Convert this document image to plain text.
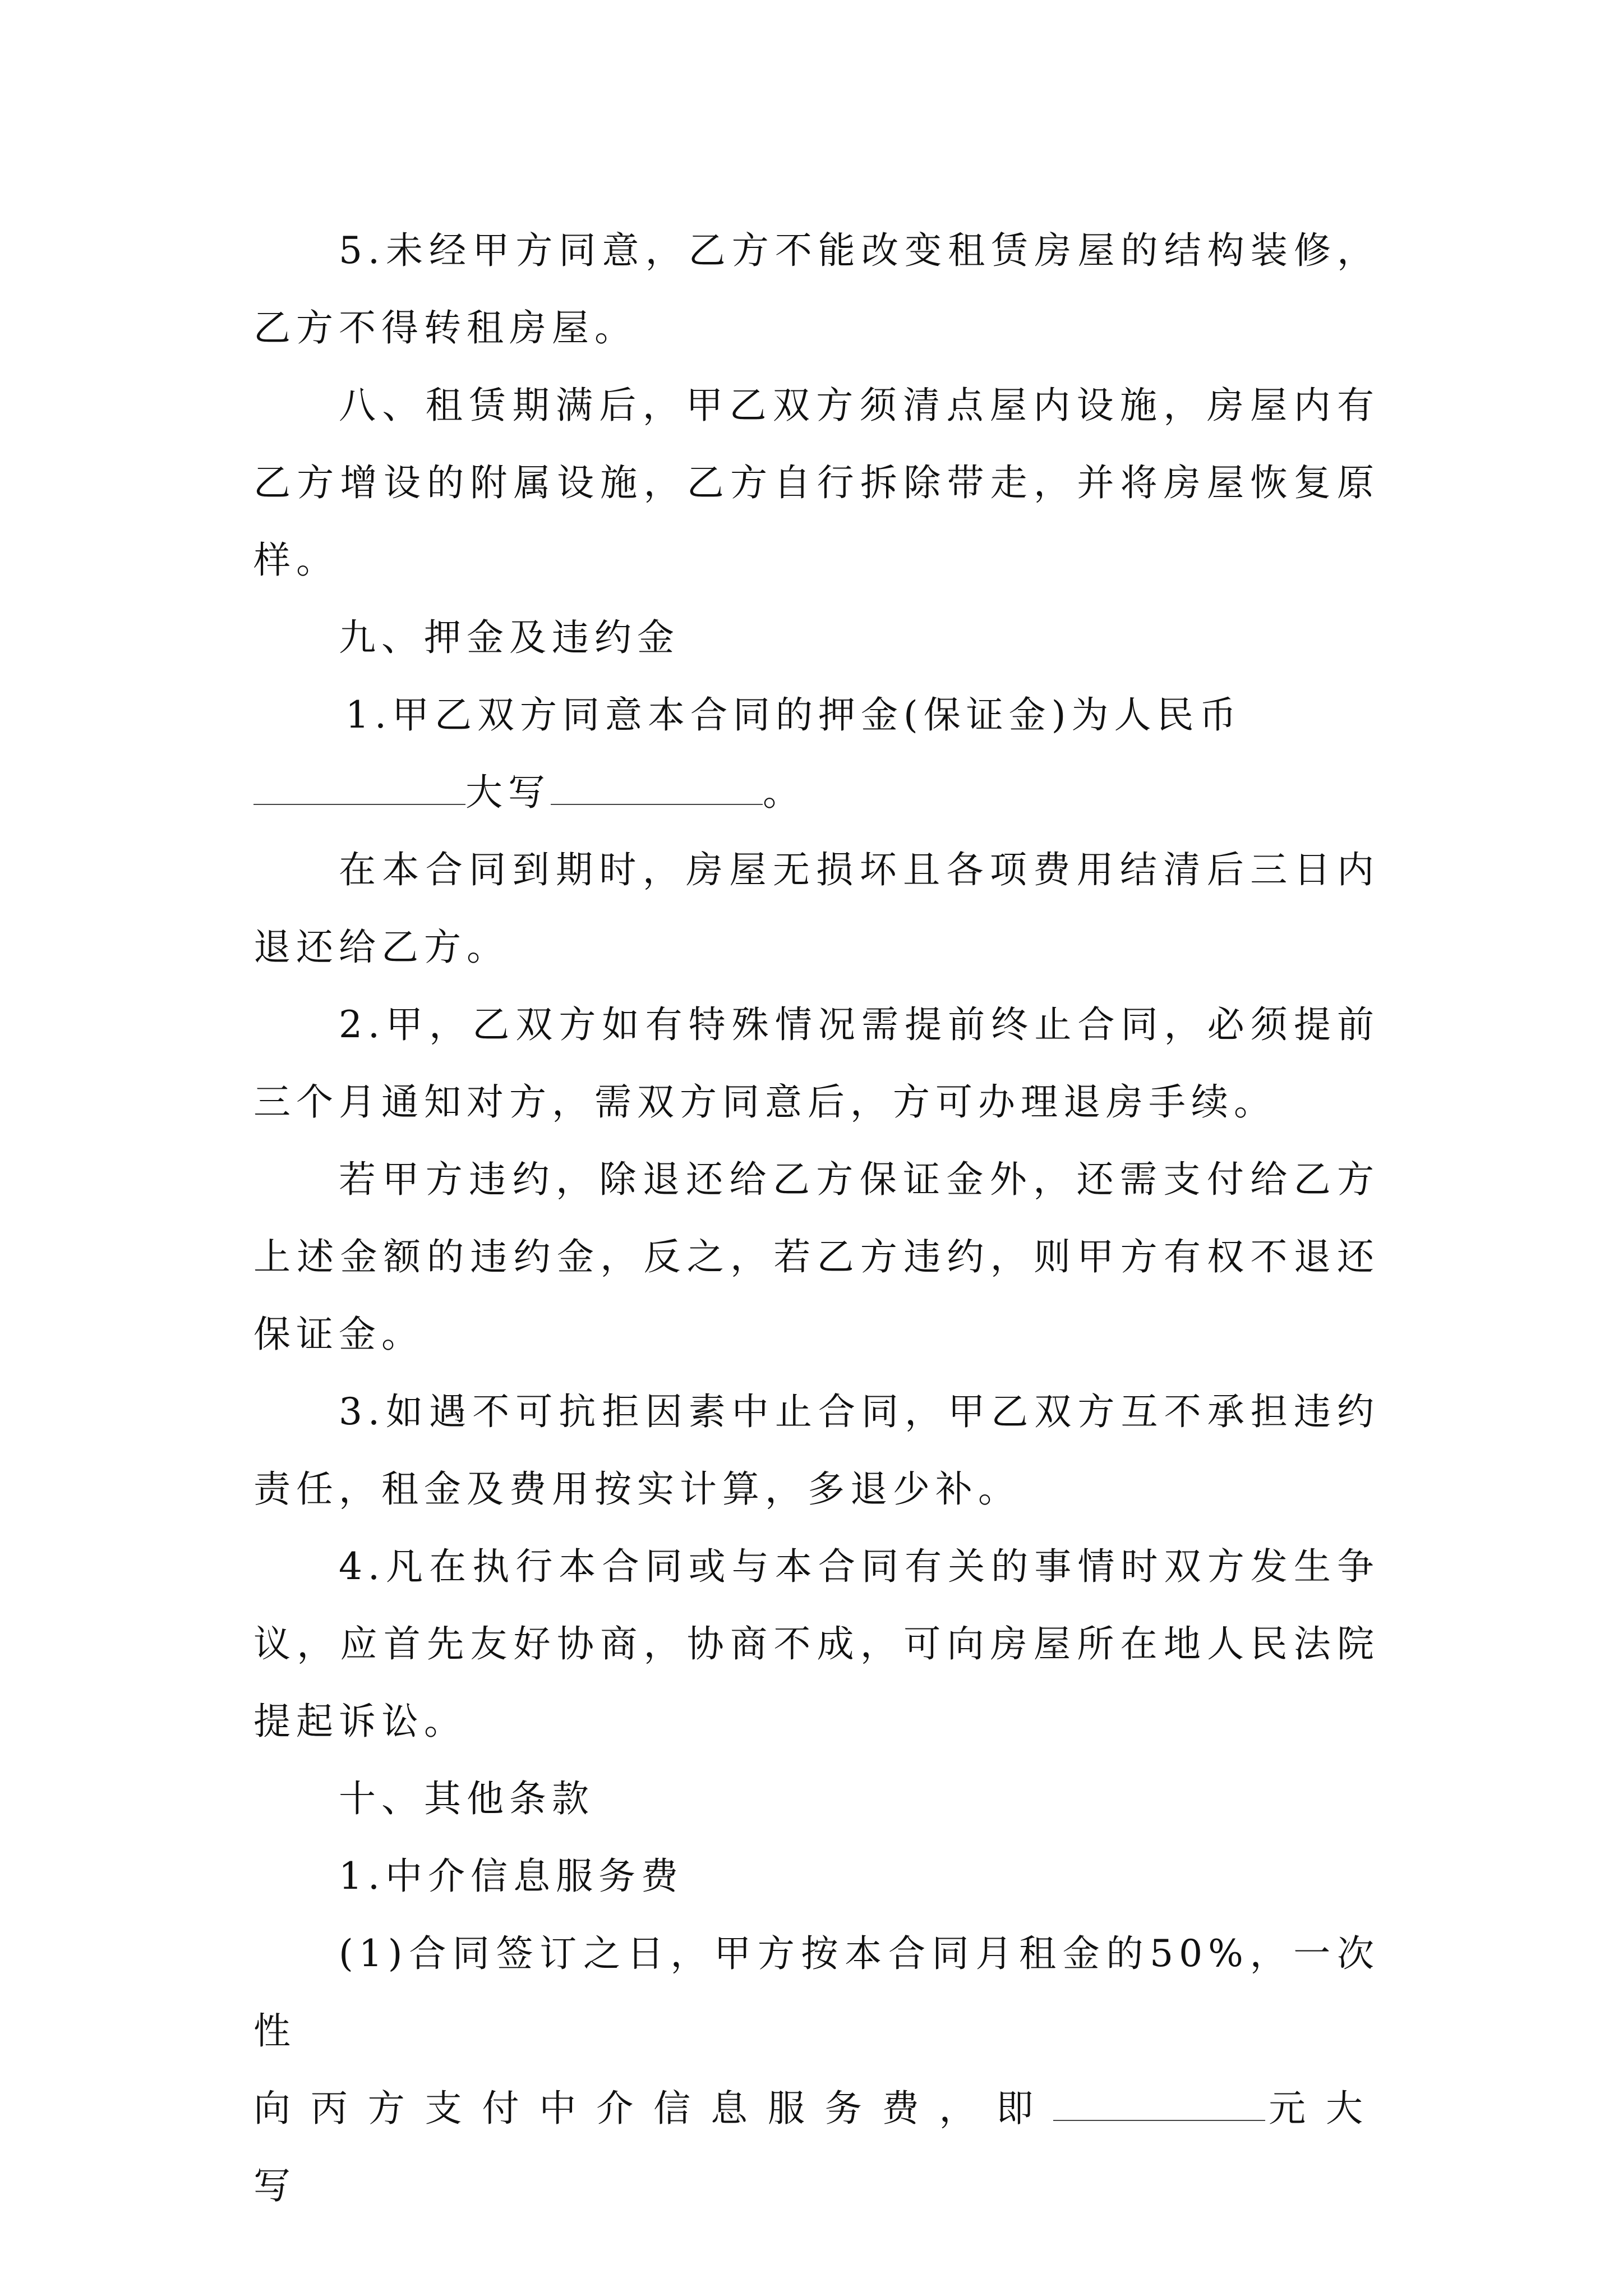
5.未经甲方同意，乙方不能改变租赁房屋的结构装修，乙方不得转租房屋。

八、租赁期满后，甲乙双方须清点屋内设施，房屋内有乙方增设的附属设施，乙方自行拆除带走，并将房屋恢复原样。

九、押金及违约金

1.甲乙双方同意本合同的押金(保证金)为人民币
大写	。

在本合同到期时，房屋无损坏且各项费用结清后三日内退还给乙方。

2.甲，乙双方如有特殊情况需提前终止合同，必须提前三个月通知对方，需双方同意后，方可办理退房手续。

若甲方违约，除退还给乙方保证金外，还需支付给乙方上述金额的违约金，反之，若乙方违约，则甲方有权不退还保证金。

3.如遇不可抗拒因素中止合同，甲乙双方互不承担违约责任，租金及费用按实计算，多退少补。

4.凡在执行本合同或与本合同有关的事情时双方发生争议，应首先友好协商，协商不成，可向房屋所在地人民法院提起诉讼。

十、其他条款

1.中介信息服务费

(1)合同签订之日，甲方按本合同月租金的50%，一次性
向丙方支付中介信息服务费，即	元大写
